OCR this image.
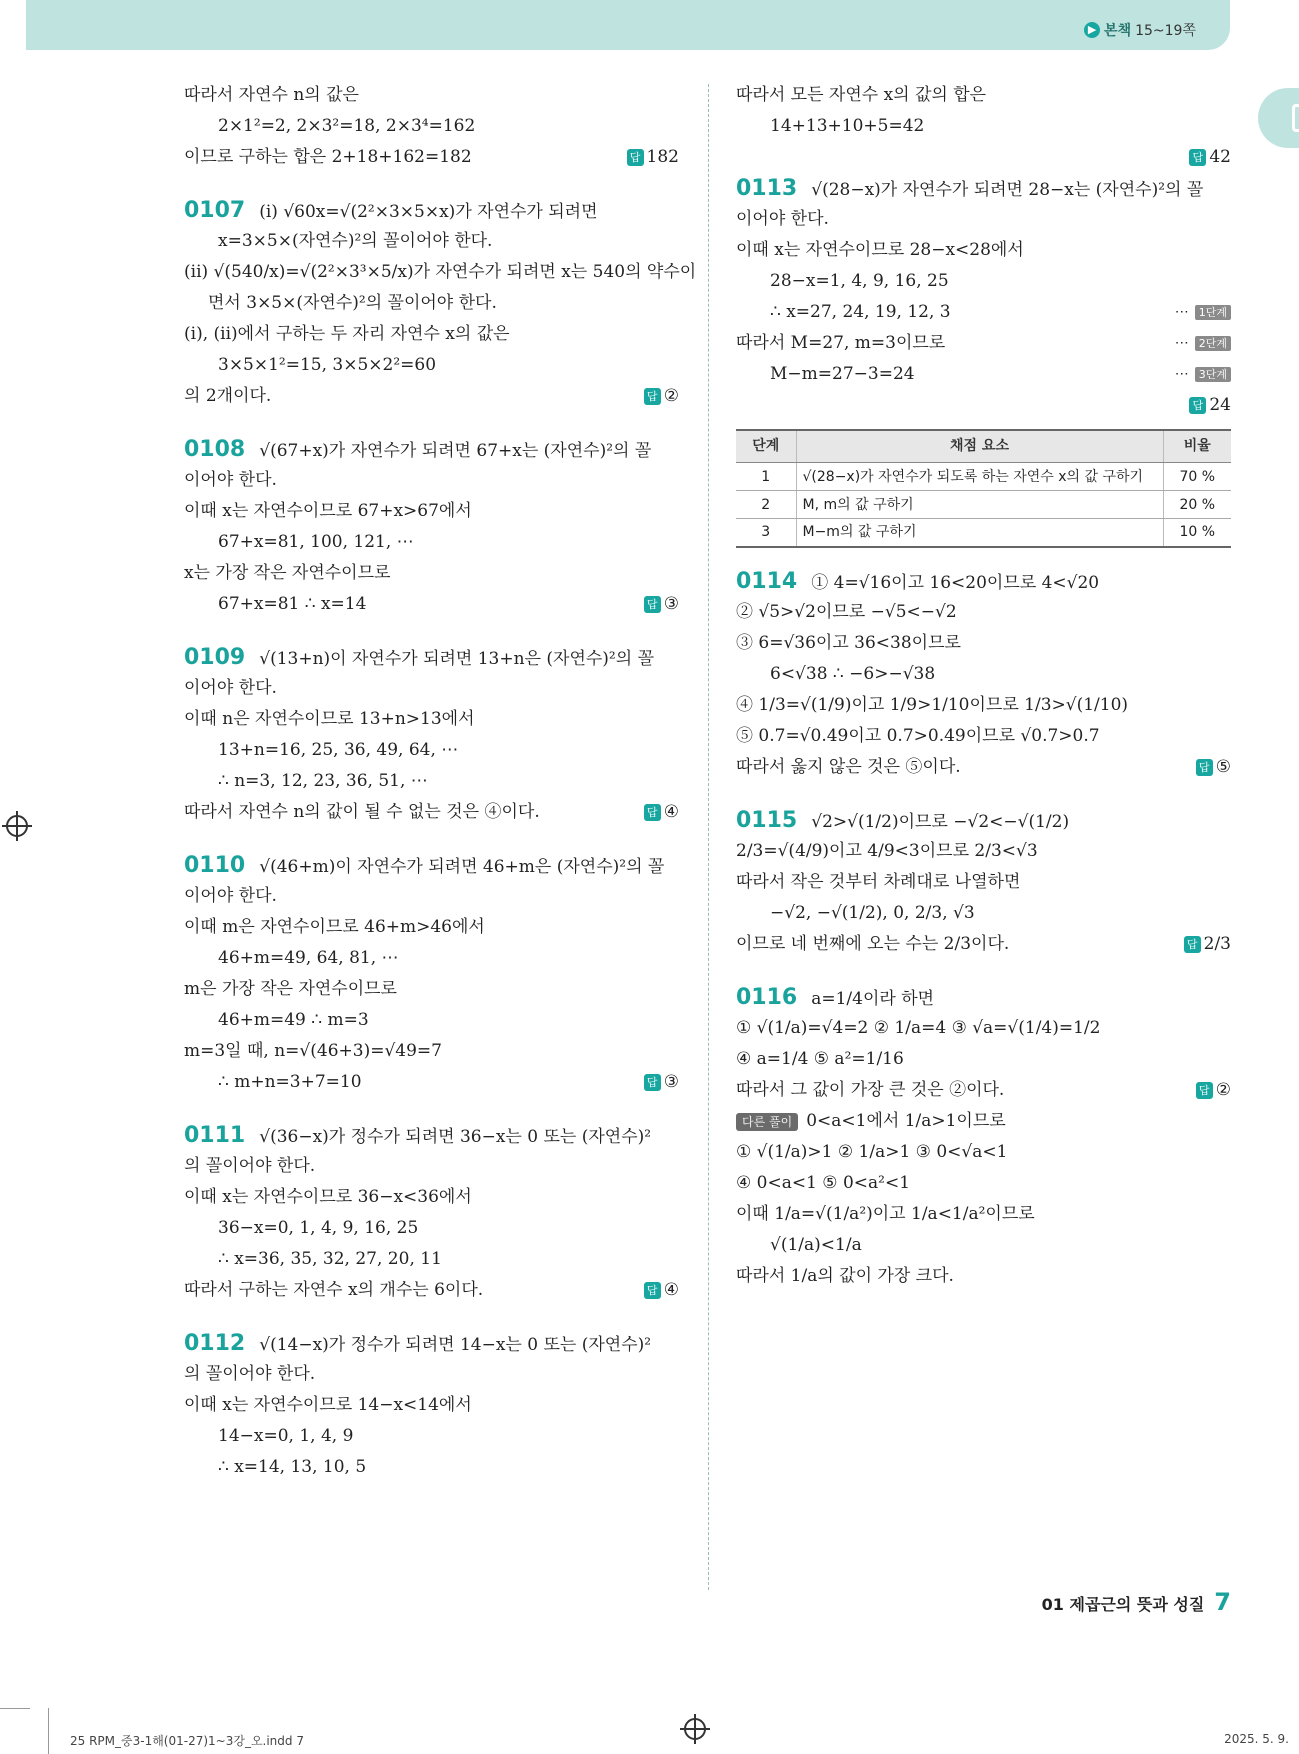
▶ 본책 15~19쪽
따라서 자연수 n의 값은
2×1²=2, 2×3²=18, 2×3⁴=162
이므로 구하는 합은 2+18+162=182	답 182
0107 (i) √60x=√(2²×3×5×x)가 자연수가 되려면
x=3×5×(자연수)²의 꼴이어야 한다.
(ii) √(540/x)=√(2²×3³×5/x)가 자연수가 되려면 x는 540의 약수이
면서 3×5×(자연수)²의 꼴이어야 한다.
(i), (ii)에서 구하는 두 자리 자연수 x의 값은
3×5×1²=15, 3×5×2²=60
의 2개이다.	답 ②
0108 √(67+x)가 자연수가 되려면 67+x는 (자연수)²의 꼴
이어야 한다.
이때 x는 자연수이므로 67+x>67에서
67+x=81, 100, 121, ⋯
x는 가장 작은 자연수이므로
67+x=81 ∴ x=14	답 ③
0109 √(13+n)이 자연수가 되려면 13+n은 (자연수)²의 꼴
이어야 한다.
이때 n은 자연수이므로 13+n>13에서
13+n=16, 25, 36, 49, 64, ⋯
∴ n=3, 12, 23, 36, 51, ⋯
따라서 자연수 n의 값이 될 수 없는 것은 ④이다.	답 ④
0110 √(46+m)이 자연수가 되려면 46+m은 (자연수)²의 꼴
이어야 한다.
이때 m은 자연수이므로 46+m>46에서
46+m=49, 64, 81, ⋯
m은 가장 작은 자연수이므로
46+m=49 ∴ m=3
m=3일 때, n=√(46+3)=√49=7
∴ m+n=3+7=10	답 ③
0111 √(36−x)가 정수가 되려면 36−x는 0 또는 (자연수)²
의 꼴이어야 한다.
이때 x는 자연수이므로 36−x<36에서
36−x=0, 1, 4, 9, 16, 25
∴ x=36, 35, 32, 27, 20, 11
따라서 구하는 자연수 x의 개수는 6이다.	답 ④
0112 √(14−x)가 정수가 되려면 14−x는 0 또는 (자연수)²
의 꼴이어야 한다.
이때 x는 자연수이므로 14−x<14에서
14−x=0, 1, 4, 9
∴ x=14, 13, 10, 5
따라서 모든 자연수 x의 값의 합은
14+13+10+5=42
답 42
0113 √(28−x)가 자연수가 되려면 28−x는 (자연수)²의 꼴
이어야 한다.
이때 x는 자연수이므로 28−x<28에서
28−x=1, 4, 9, 16, 25
∴ x=27, 24, 19, 12, 3	⋯ 1단계
따라서 M=27, m=3이므로	⋯ 2단계
M−m=27−3=24	⋯ 3단계
답 24
단계	채점 요소	비율
1	√(28−x)가 자연수가 되도록 하는 자연수 x의 값 구하기	70 %
2	M, m의 값 구하기	20 %
3	M−m의 값 구하기	10 %
0114 ① 4=√16이고 16<20이므로 4<√20
② √5>√2이므로 −√5<−√2
③ 6=√36이고 36<38이므로
6<√38 ∴ −6>−√38
④ 1/3=√(1/9)이고 1/9>1/10이므로 1/3>√(1/10)
⑤ 0.7=√0.49이고 0.7>0.49이므로 √0.7>0.7
따라서 옳지 않은 것은 ⑤이다.	답 ⑤
0115 √2>√(1/2)이므로 −√2<−√(1/2)
2/3=√(4/9)이고 4/9<3이므로 2/3<√3
따라서 작은 것부터 차례대로 나열하면
−√2, −√(1/2), 0, 2/3, √3
이므로 네 번째에 오는 수는 2/3이다.	답 2/3
0116 a=1/4이라 하면
① √(1/a)=√4=2 ② 1/a=4 ③ √a=√(1/4)=1/2
④ a=1/4 ⑤ a²=1/16
따라서 그 값이 가장 큰 것은 ②이다.	답 ②
다른 풀이 0<a<1에서 1/a>1이므로
① √(1/a)>1 ② 1/a>1 ③ 0<√a<1
④ 0<a<1 ⑤ 0<a²<1
이때 1/a=√(1/a²)이고 1/a<1/a²이므로
√(1/a)<1/a
따라서 1/a의 값이 가장 크다.
01 제곱근의 뜻과 성질 7
25 RPM_중3-1해(01-27)1~3강_오.indd 7	2025. 5. 9.
